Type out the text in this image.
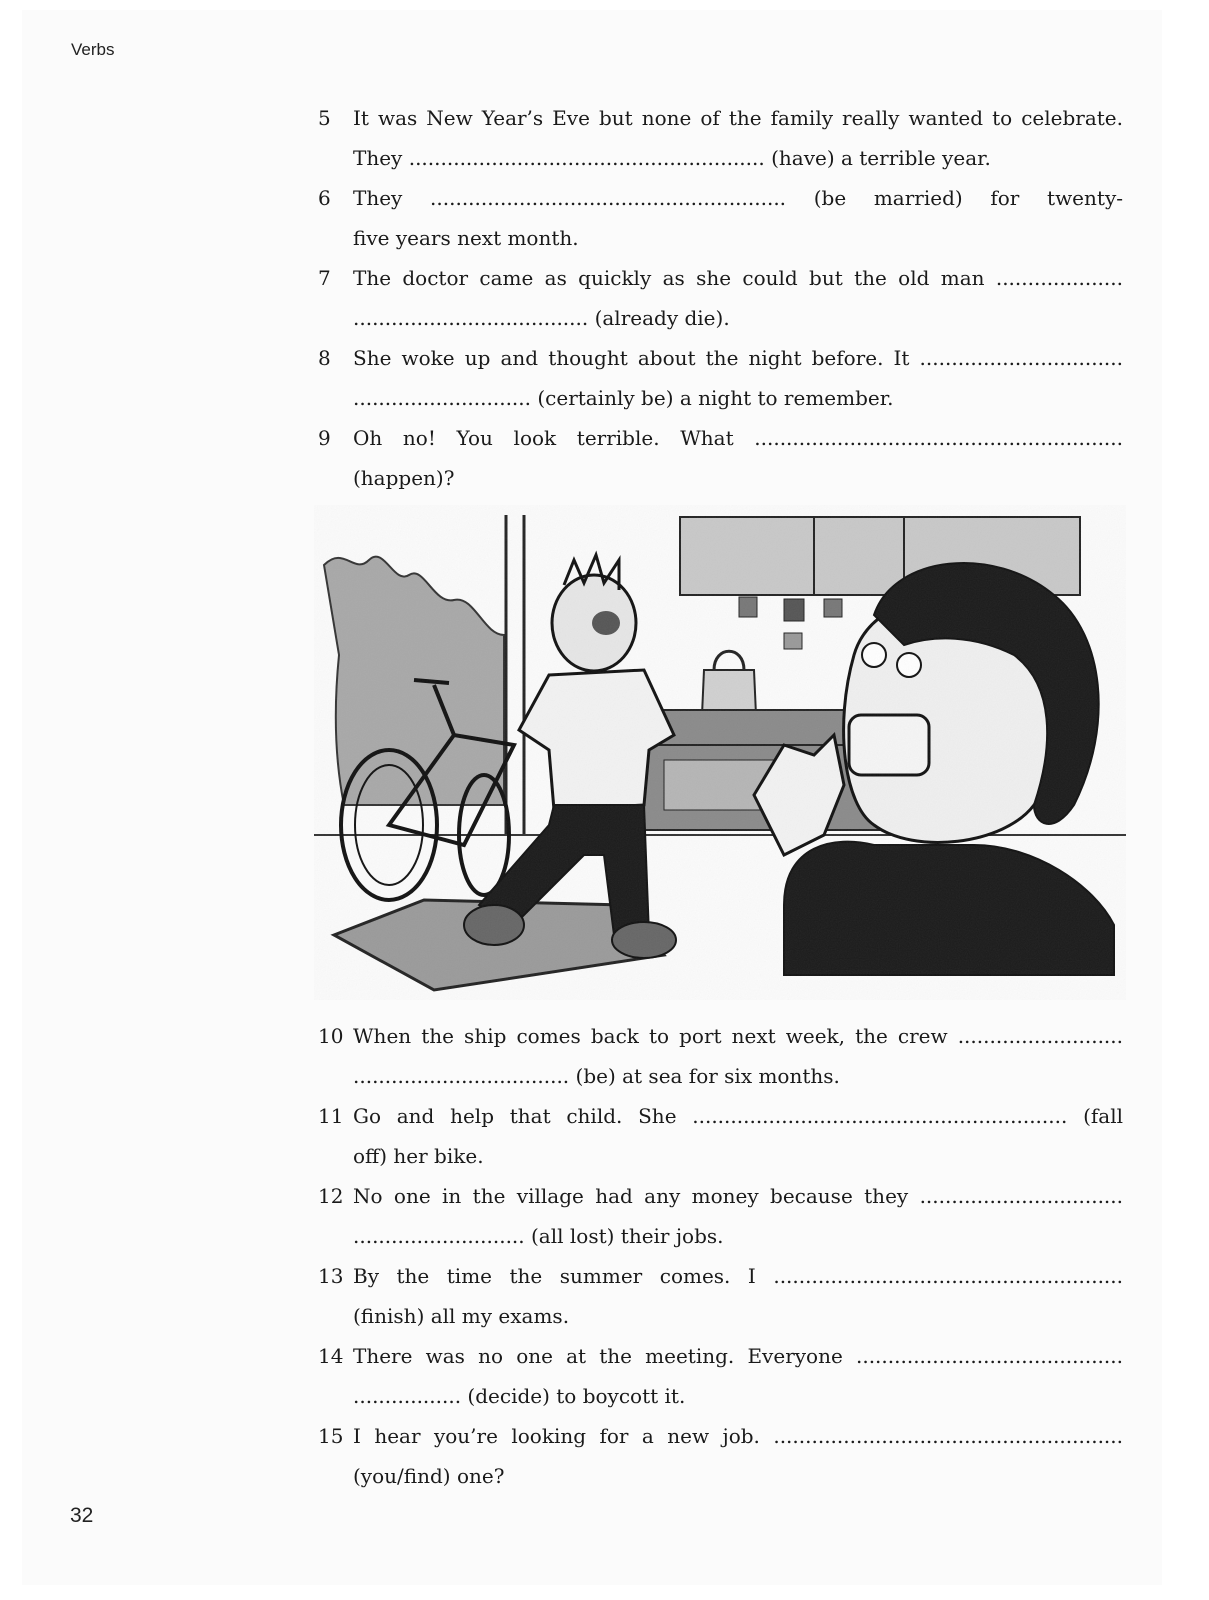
Verbs
5 It was New Year’s Eve but none of the family really wanted to celebrate.
They ........................................................ (have) a terrible year.
6 They ........................................................ (be married) for twenty-
five years next month.
7 The doctor came as quickly as she could but the old man ....................
..................................... (already die).
8 She woke up and thought about the night before. It ................................
............................ (certainly be) a night to remember.
9 Oh no! You look terrible. What ..........................................................
(happen)?
10 When the ship comes back to port next week, the crew ..........................
.................................. (be) at sea for six months.
11 Go and help that child. She ........................................................... (fall
off) her bike.
12 No one in the village had any money because they ................................
........................... (all lost) their jobs.
13 By the time the summer comes. I .......................................................
(finish) all my exams.
14 There was no one at the meeting. Everyone ..........................................
................. (decide) to boycott it.
15 I hear you’re looking for a new job. .......................................................
(you/find) one?
32
